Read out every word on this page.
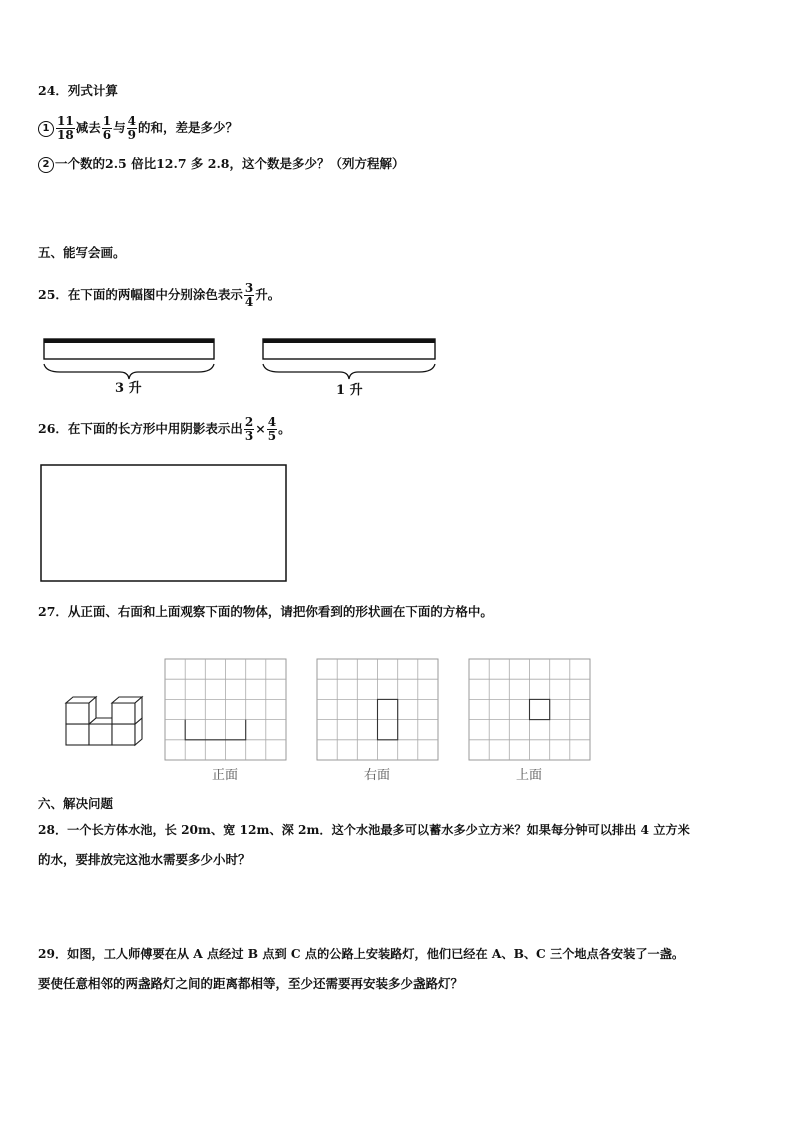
24．列式计算
$1 \frac{11}{18}$ 减去 $\frac{1}{6}$ 与 $\frac{4}{9}$ 的和，差是多少？
2 一个数的2.5 倍比12.7 多 2.8，这个数是多少？（列方程解）
五、能写会画。
25．在下面的两幅图中分别涂色表示 $\frac{3}{4}$ 升。
3 升	1 升
26．在下面的长方形中用阴影表示出 $\frac{2}{3} \times \frac{4}{5}$ 。
27．从正面、右面和上面观察下面的物体，请把你看到的形状画在下面的方格中。
正面	右面	上面
六、解决问题
28．一个长方体水池，长 20m、宽 12m、深 2m．这个水池最多可以蓄水多少立方米？如果每分钟可以排出 4 立方米
的水，要排放完这池水需要多少小时？
29．如图，工人师傅要在从 A 点经过 B 点到 C 点的公路上安装路灯，他们已经在 A、B、C 三个地点各安装了一盏。
要使任意相邻的两盏路灯之间的距离都相等，至少还需要再安装多少盏路灯？
